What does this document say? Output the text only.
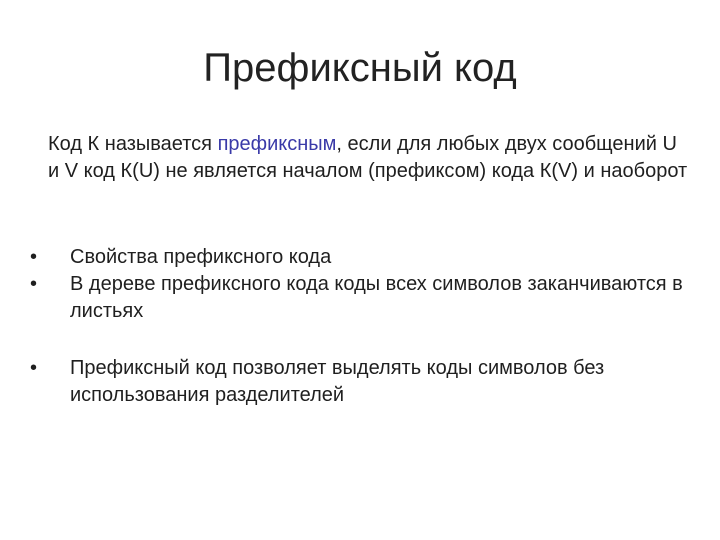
Префиксный код
Код К называется префиксным, если для любых двух сообщений U и V код К(U) не является началом (префиксом) кода К(V) и наоборот
• Свойства префиксного кода
• В дереве префиксного кода коды всех символов заканчиваются в листьях
• Префиксный код позволяет выделять коды символов без использования разделителей
